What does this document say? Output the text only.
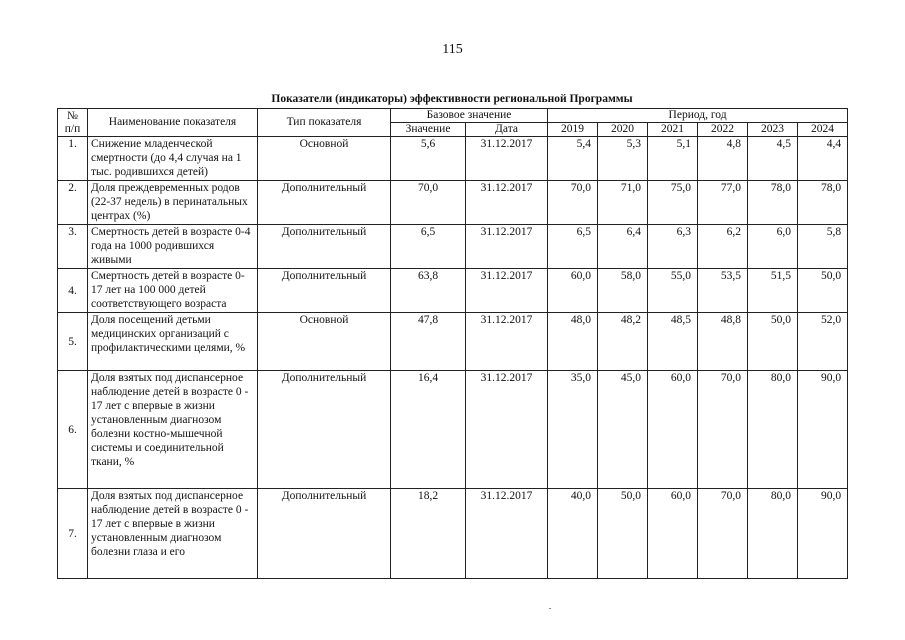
115
Показатели (индикаторы) эффективности региональной Программы
№ п/п	Наименование показателя	Тип показателя	Базовое значение		Период, год					
			Значение	Дата	2019	2020	2021	2022	2023	2024
1.	Снижение младенческой смертности (до 4,4 случая на 1 тыс. родившихся детей)	Основной	5,6	31.12.2017	5,4	5,3	5,1	4,8	4,5	4,4
2.	Доля преждевременных родов (22-37 недель) в перинатальных центрах (%)	Дополнительный	70,0	31.12.2017	70,0	71,0	75,0	77,0	78,0	78,0
3.	Смертность детей в возрасте 0-4 года на 1000 родившихся живыми	Дополнительный	6,5	31.12.2017	6,5	6,4	6,3	6,2	6,0	5,8
4.	Смертность детей в возрасте 0-17 лет на 100 000 детей соответствующего возраста	Дополнительный	63,8	31.12.2017	60,0	58,0	55,0	53,5	51,5	50,0
5.	Доля посещений детьми медицинских организаций с профилактическими целями, %	Основной	47,8	31.12.2017	48,0	48,2	48,5	48,8	50,0	52,0
6.	Доля взятых под диспансерное наблюдение детей в возрасте 0 - 17 лет с впервые в жизни установленным диагнозом болезни костно-мышечной системы и соединительной ткани, %	Дополнительный	16,4	31.12.2017	35,0	45,0	60,0	70,0	80,0	90,0
7.	Доля взятых под диспансерное наблюдение детей в возрасте 0 - 17 лет с впервые в жизни установленным диагнозом болезни глаза и его	Дополнительный	18,2	31.12.2017	40,0	50,0	60,0	70,0	80,0	90,0
